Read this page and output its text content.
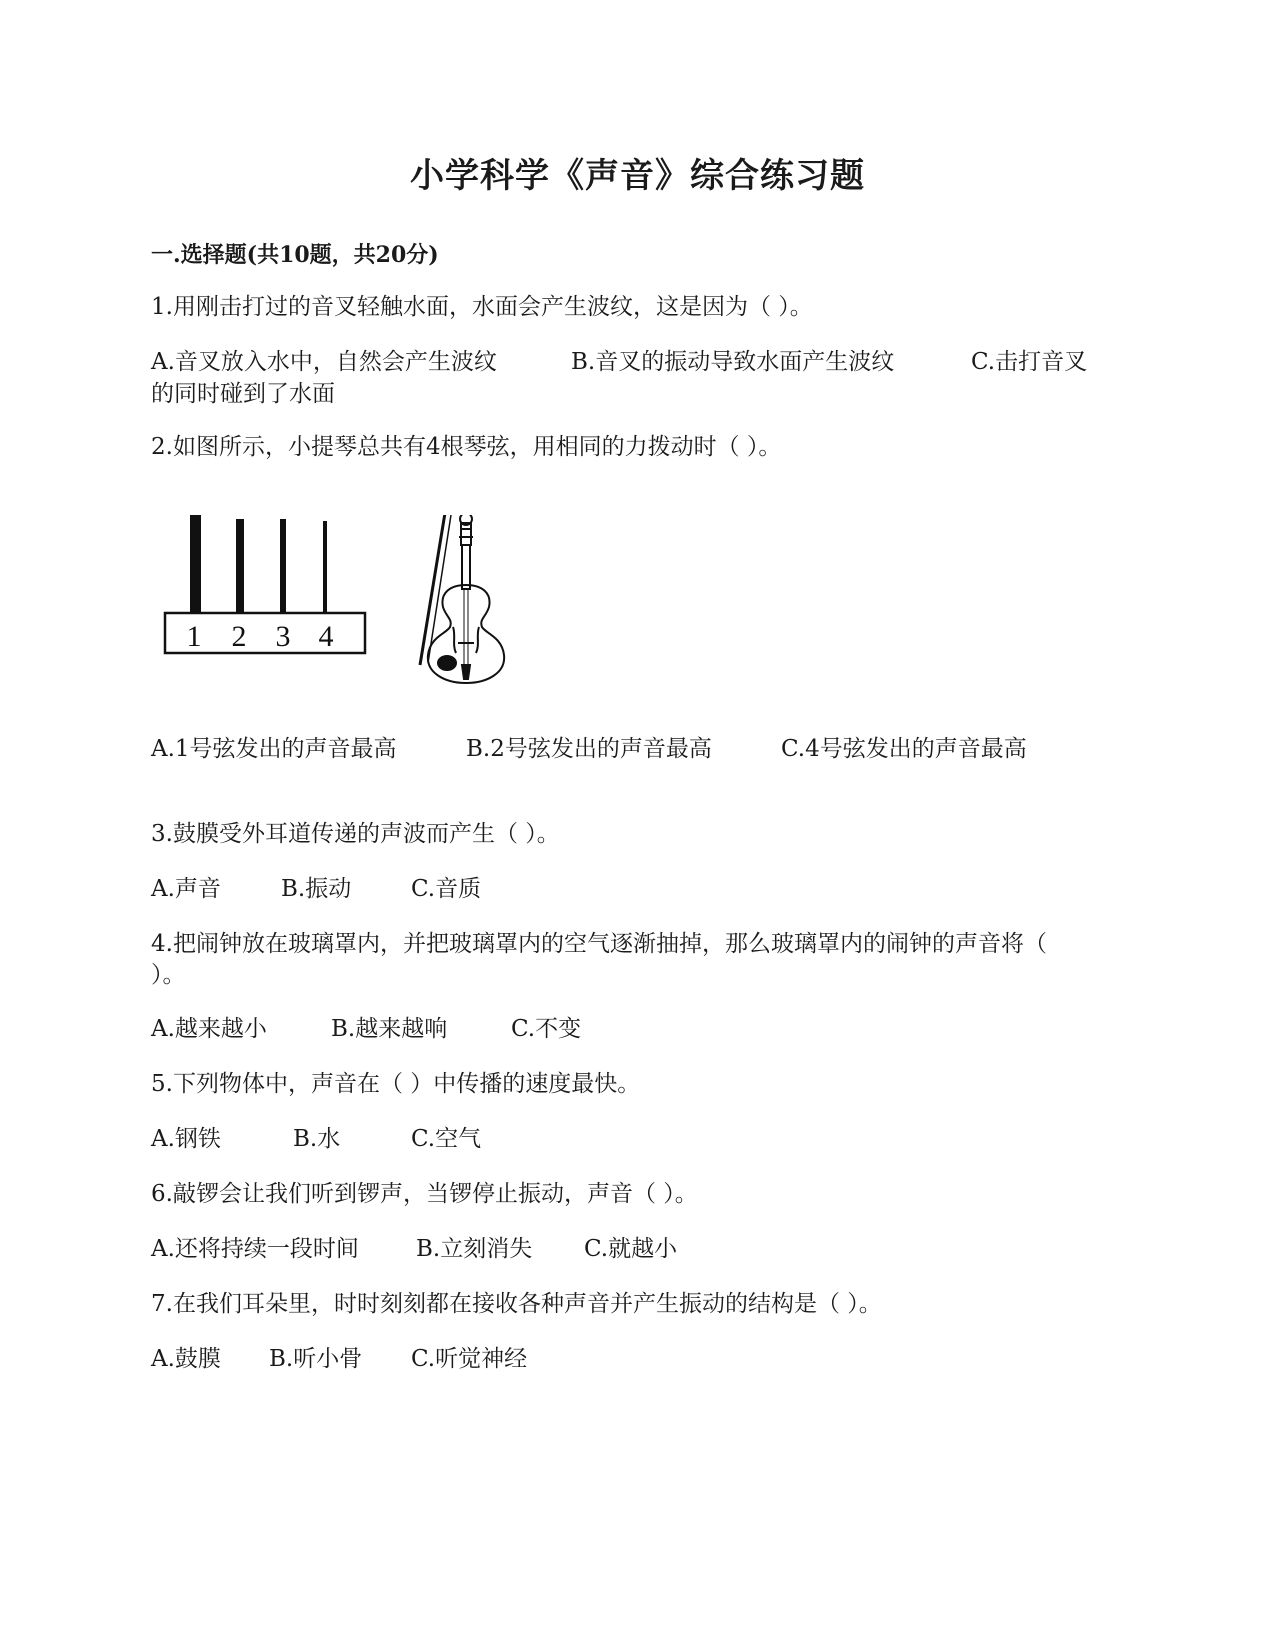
小学科学《声音》综合练习题
一.选择题(共10题，共20分)
1.用刚击打过的音叉轻触水面，水面会产生波纹，这是因为（ ）。
A.音叉放入水中，自然会产生波纹	B.音叉的振动导致水面产生波纹	C.击打音叉
的同时碰到了水面
2.如图所示，小提琴总共有4根琴弦，用相同的力拨动时（ ）。
1 2 3 4
A.1号弦发出的声音最高	B.2号弦发出的声音最高	C.4号弦发出的声音最高
3.鼓膜受外耳道传递的声波而产生（ ）。
A.声音	B.振动	C.音质
4.把闹钟放在玻璃罩内，并把玻璃罩内的空气逐渐抽掉，那么玻璃罩内的闹钟的声音将（
）。
A.越来越小	B.越来越响	C.不变
5.下列物体中，声音在（ ）中传播的速度最快。
A.钢铁	B.水	C.空气
6.敲锣会让我们听到锣声，当锣停止振动，声音（ ）。
A.还将持续一段时间 B.立刻消失 C.就越小
7.在我们耳朵里，时时刻刻都在接收各种声音并产生振动的结构是（ ）。
A.鼓膜 B.听小骨 C.听觉神经
